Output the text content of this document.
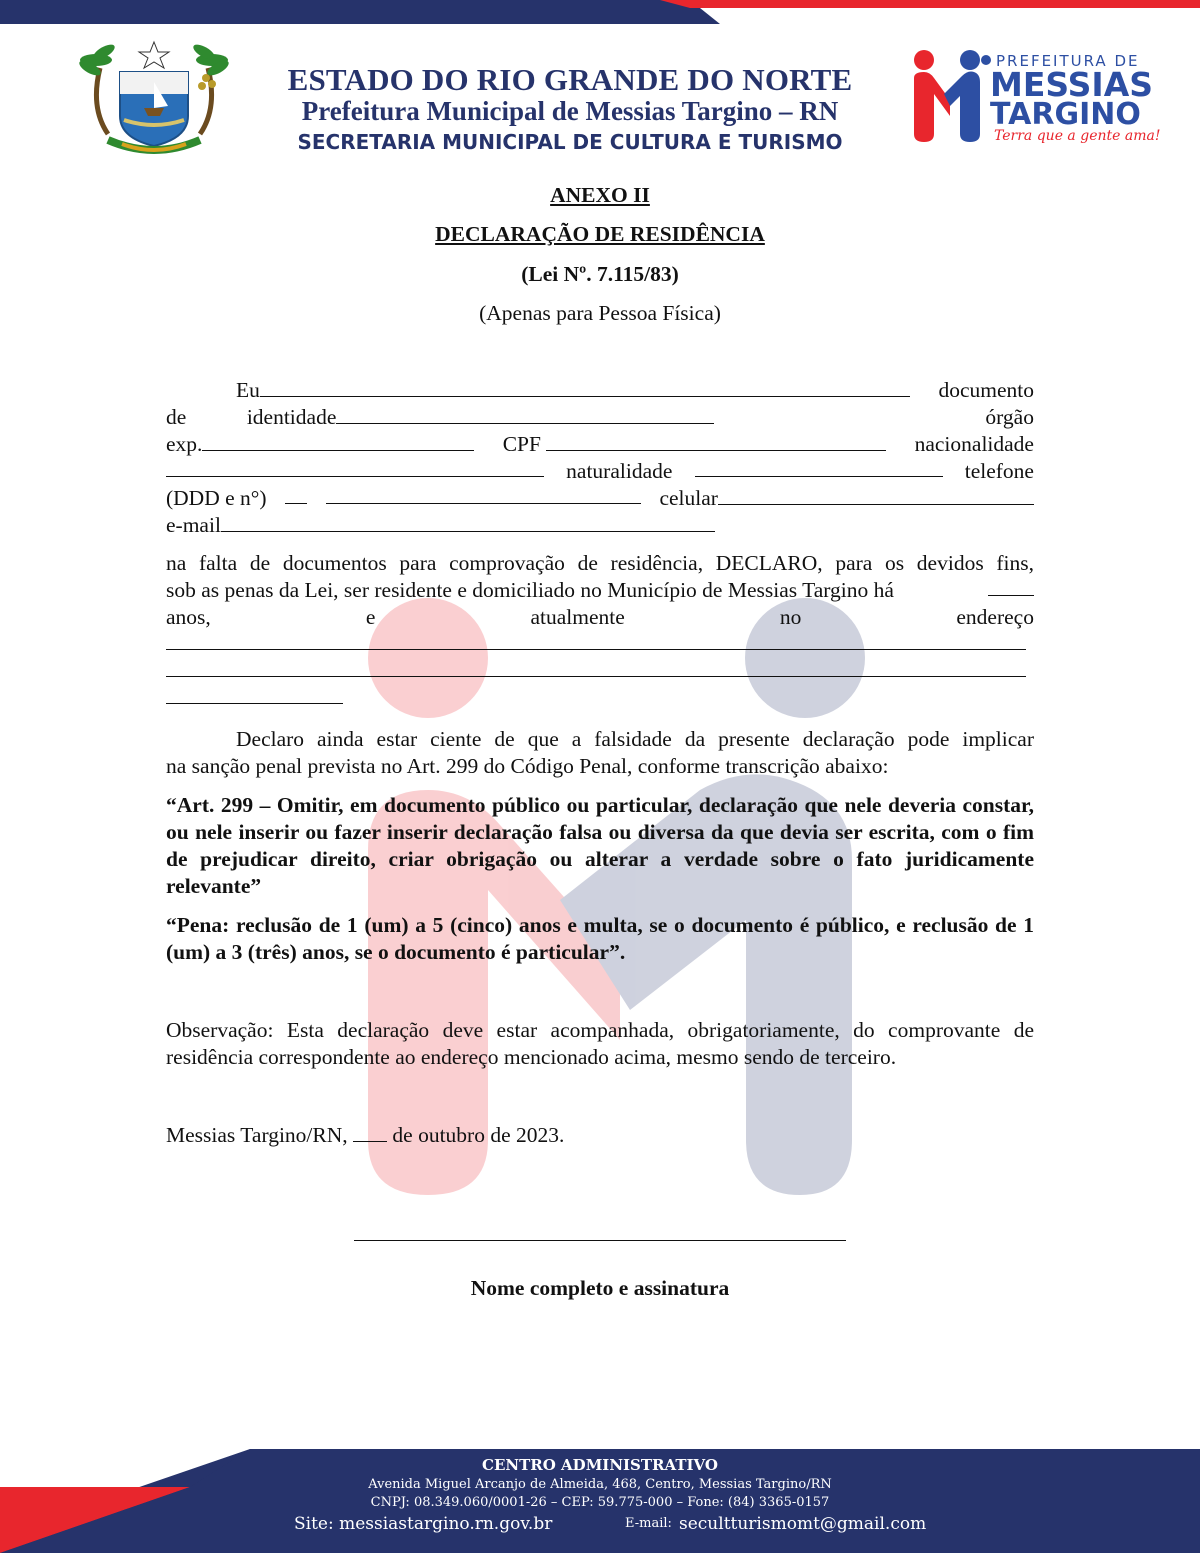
ESTADO DO RIO GRANDE DO NORTE
Prefeitura Municipal de Messias Targino – RN
SECRETARIA MUNICIPAL DE CULTURA E TURISMO
PREFEITURA DE
MESSIAS
TARGINO
Terra que a gente ama!
ANEXO II
DECLARAÇÃO DE RESIDÊNCIA
(Lei Nº. 7.115/83)
(Apenas para Pessoa Física)
Eu	documento
de	identidade	órgão
exp.	CPF	nacionalidade
naturalidade	telefone
(DDD e n°)	celular
e-mail
na falta de documentos para comprovação de residência, DECLARO, para os devidos fins,
sob as penas da Lei, ser residente e domiciliado no Município de Messias Targino há
anos,	e	atualmente	no	endereço
Declaro ainda estar ciente de que a falsidade da presente declaração pode implicar
na sanção penal prevista no Art. 299 do Código Penal, conforme transcrição abaixo:
“Art. 299 – Omitir, em documento público ou particular, declaração que nele deveria constar, ou nele inserir ou fazer inserir declaração falsa ou diversa da que devia ser escrita, com o fim de prejudicar direito, criar obrigação ou alterar a verdade sobre o fato juridicamente relevante”
“Pena: reclusão de 1 (um) a 5 (cinco) anos e multa, se o documento é público, e reclusão de 1 (um) a 3 (três) anos, se o documento é particular”.
Observação: Esta declaração deve estar acompanhada, obrigatoriamente, do comprovante de residência correspondente ao endereço mencionado acima, mesmo sendo de terceiro.
Messias Targino/RN, de outubro de 2023.
Nome completo e assinatura
CENTRO ADMINISTRATIVO
Avenida Miguel Arcanjo de Almeida, 468, Centro, Messias Targino/RN
CNPJ: 08.349.060/0001-26 – CEP: 59.775-000 – Fone: (84) 3365-0157
Site: messiastargino.rn.gov.br	E-mail: secultturismomt@gmail.com
